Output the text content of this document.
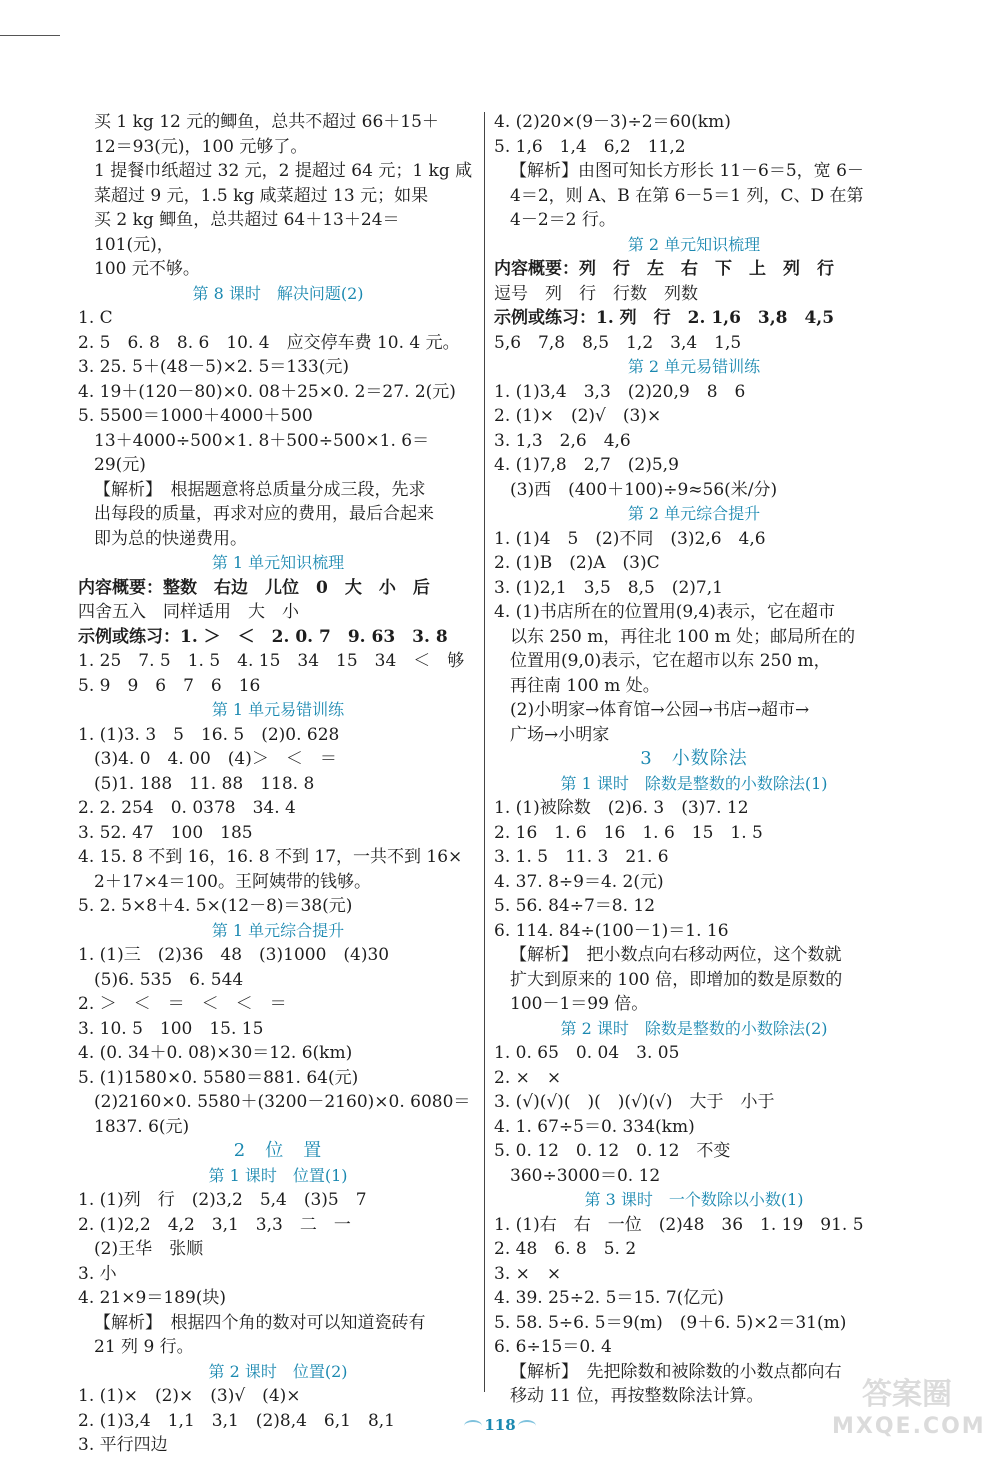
买 1 kg 12 元的鲫鱼，总共不超过 66＋15＋
12＝93(元)，100 元够了。
1 提餐巾纸超过 32 元，2 提超过 64 元；1 kg 咸
菜超过 9 元，1.5 kg 咸菜超过 13 元；如果
买 2 kg 鲫鱼，总共超过 64＋13＋24＝101(元)，
100 元不够。
第 8 课时　解决问题(2)
1. C
2. 5　6. 8　8. 6　10. 4　应交停车费 10. 4 元。
3. 25. 5＋(48－5)×2. 5＝133(元)
4. 19＋(120－80)×0. 08＋25×0. 2＝27. 2(元)
5. 5500＝1000＋4000＋500
13＋4000÷500×1. 8＋500÷500×1. 6＝29(元)
【解析】　根据题意将总质量分成三段，先求
出每段的质量，再求对应的费用，最后合起来
即为总的快递费用。
第 1 单元知识梳理
内容概要：整数　右边　儿位　0　大　小　后
四舍五入　同样适用　大　小
示例或练习：1. ＞　＜　2. 0. 7　9. 63　3. 8
1. 25　7. 5　1. 5　4. 15　34　15　34　＜　够
5. 9　9　6　7　6　16
第 1 单元易错训练
1. (1)3. 3　5　16. 5　(2)0. 628
(3)4. 0　4. 00　(4)＞　＜　＝
(5)1. 188　11. 88　118. 8
2. 2. 254　0. 0378　34. 4
3. 52. 47　100　185
4. 15. 8 不到 16，16. 8 不到 17，一共不到 16×
2＋17×4＝100。王阿姨带的钱够。
5. 2. 5×8＋4. 5×(12－8)＝38(元)
第 1 单元综合提升
1. (1)三　(2)36　48　(3)1000　(4)30
(5)6. 535　6. 544
2. ＞　＜　＝　＜　＜　＝
3. 10. 5　100　15. 15
4. (0. 34＋0. 08)×30＝12. 6(km)
5. (1)1580×0. 5580＝881. 64(元)
(2)2160×0. 5580＋(3200－2160)×0. 6080＝
1837. 6(元)
2　位　置
第 1 课时　位置(1)
1. (1)列　行　(2)3,2　5,4　(3)5　7
2. (1)2,2　4,2　3,1　3,3　二　一
(2)王华　张顺
3. 小
4. 21×9＝189(块)
【解析】　根据四个角的数对可以知道瓷砖有
21 列 9 行。
第 2 课时　位置(2)
1. (1)×　(2)×　(3)√　(4)×
2. (1)3,4　1,1　3,1　(2)8,4　6,1　8,1
3. 平行四边
4. (2)20×(9－3)÷2＝60(km)
5. 1,6　1,4　6,2　11,2
【解析】由图可知长方形长 11－6＝5，宽 6－
4＝2，则 A、B 在第 6－5＝1 列，C、D 在第
4－2＝2 行。
第 2 单元知识梳理
内容概要：列　行　左　右　下　上　列　行
逗号　列　行　行数　列数
示例或练习：1. 列　行　2. 1,6　3,8　4,5
5,6　7,8　8,5　1,2　3,4　1,5
第 2 单元易错训练
1. (1)3,4　3,3　(2)20,9　8　6
2. (1)×　(2)√　(3)×
3. 1,3　2,6　4,6
4. (1)7,8　2,7　(2)5,9
(3)西　(400＋100)÷9≈56(米/分)
第 2 单元综合提升
1. (1)4　5　(2)不同　(3)2,6　4,6
2. (1)B　(2)A　(3)C
3. (1)2,1　3,5　8,5　(2)7,1
4. (1)书店所在的位置用(9,4)表示，它在超市
以东 250 m，再往北 100 m 处；邮局所在的
位置用(9,0)表示，它在超市以东 250 m，
再往南 100 m 处。
(2)小明家→体育馆→公园→书店→超市→
广场→小明家
3　小数除法
第 1 课时　除数是整数的小数除法(1)
1. (1)被除数　(2)6. 3　(3)7. 12
2. 16　1. 6　16　1. 6　15　1. 5
3. 1. 5　11. 3　21. 6
4. 37. 8÷9＝4. 2(元)
5. 56. 84÷7＝8. 12
6. 114. 84÷(100－1)＝1. 16
【解析】　把小数点向右移动两位，这个数就
扩大到原来的 100 倍，即增加的数是原数的
100－1＝99 倍。
第 2 课时　除数是整数的小数除法(2)
1. 0. 65　0. 04　3. 05
2. ×　×
3. (√)(√)(　)(　)(√)(√)　大于　小于
4. 1. 67÷5＝0. 334(km)
5. 0. 12　0. 12　0. 12　不变
360÷3000＝0. 12
第 3 课时　一个数除以小数(1)
1. (1)右　右　一位　(2)48　36　1. 19　91. 5
2. 48　6. 8　5. 2
3. ×　×
4. 39. 25÷2. 5＝15. 7(亿元)
5. 58. 5÷6. 5＝9(m)　(9＋6. 5)×2＝31(m)
6. 6÷15＝0. 4
【解析】　先把除数和被除数的小数点都向右
移动 11 位，再按整数除法计算。
118
答案圈
MXQE.COM
